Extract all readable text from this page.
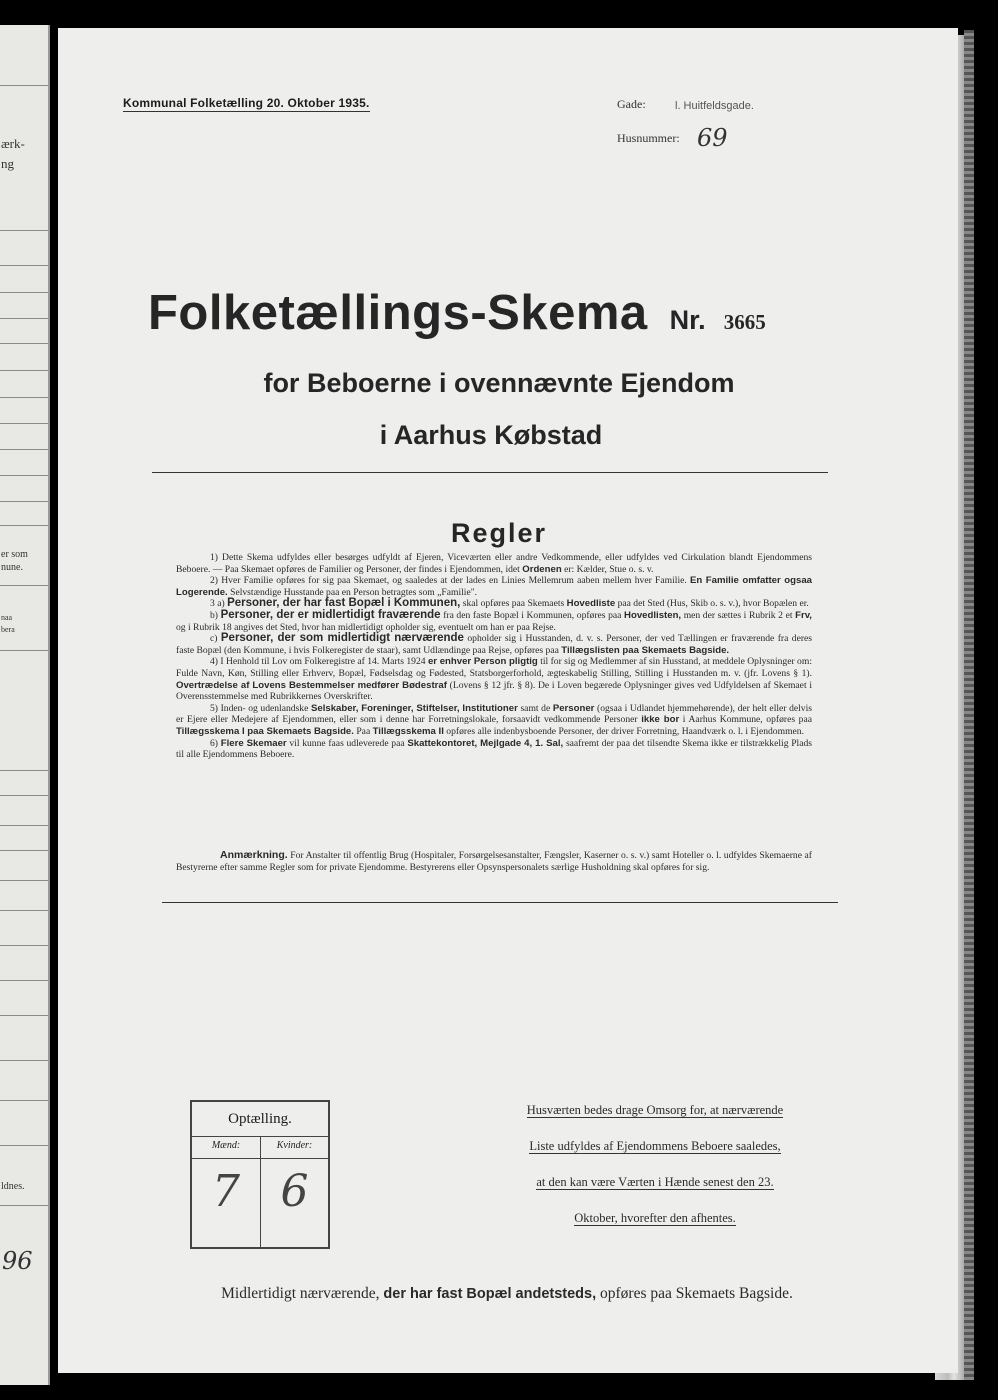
ærk-
ng
er som
nune.
naa
bera
ldnes.
96
Kommunal Folketælling 20. Oktober 1935.	Gade:	l. Huitfeldsgade.
Husnummer: 69
Folketællings-Skema Nr. 3665
for Beboerne i ovennævnte Ejendom
i Aarhus Købstad
Regler

1) Dette Skema udfyldes eller besørges udfyldt af Ejeren, Viceværten eller andre Vedkommende, eller udfyldes ved Cirkulation blandt Ejendommens Beboere. — Paa Skemaet opføres de Familier og Personer, der findes i Ejendommen, idet Ordenen er: Kælder, Stue o. s. v.

2) Hver Familie opføres for sig paa Skemaet, og saaledes at der lades en Linies Mellemrum aaben mellem hver Familie. En Familie omfatter ogsaa Logerende. Selvstændige Husstande paa en Person betragtes som „Familie".

3 a) Personer, der har fast Bopæl i Kommunen, skal opføres paa Skemaets Hovedliste paa det Sted (Hus, Skib o. s. v.), hvor Bopælen er.

b) Personer, der er midlertidigt fraværende fra den faste Bopæl i Kommunen, opføres paa Hovedlisten, men der sættes i Rubrik 2 et Frv, og i Rubrik 18 angives det Sted, hvor han midlertidigt opholder sig, eventuelt om han er paa Rejse.

c) Personer, der som midlertidigt nærværende opholder sig i Husstanden, d. v. s. Personer, der ved Tællingen er fraværende fra deres faste Bopæl (den Kommune, i hvis Folkeregister de staar), samt Udlændinge paa Rejse, opføres paa Tillægslisten paa Skemaets Bagside.

4) I Henhold til Lov om Folkeregistre af 14. Marts 1924 er enhver Person pligtig til for sig og Medlemmer af sin Husstand, at meddele Oplysninger om: Fulde Navn, Køn, Stilling eller Erhverv, Bopæl, Fødselsdag og Fødested, Statsborgerforhold, ægteskabelig Stilling, Stilling i Husstanden m. v. (jfr. Lovens § 1). Overtrædelse af Lovens Bestemmelser medfører Bødestraf (Lovens § 12 jfr. § 8). De i Loven begærede Oplysninger gives ved Udfyldelsen af Skemaet i Overensstemmelse med Rubrikkernes Overskrifter.

5) Inden- og udenlandske Selskaber, Foreninger, Stiftelser, Institutioner samt de Personer (ogsaa i Udlandet hjemmehørende), der helt eller delvis er Ejere eller Medejere af Ejendommen, eller som i denne har Forretningslokale, forsaavidt vedkommende Personer ikke bor i Aarhus Kommune, opføres paa Tillægsskema I paa Skemaets Bagside. Paa Tillægsskema II opføres alle indenbysboende Personer, der driver Forretning, Haandværk o. l. i Ejendommen.

6) Flere Skemaer vil kunne faas udleverede paa Skattekontoret, Mejlgade 4, 1. Sal, saafremt der paa det tilsendte Skema ikke er tilstrækkelig Plads til alle Ejendommens Beboere.

Anmærkning. For Anstalter til offentlig Brug (Hospitaler, Forsørgelsesanstalter, Fængsler, Kaserner o. s. v.) samt Hoteller o. l. udfyldes Skemaerne af Bestyrerne efter samme Regler som for private Ejendomme. Bestyrerens eller Opsynspersonalets særlige Husholdning skal opføres for sig.

Optælling.
Mænd:
7
Kvinder:
6
Husværten bedes drage Omsorg for, at nærværende
Liste udfyldes af Ejendommens Beboere saaledes,
at den kan være Værten i Hænde senest den 23.
Oktober, hvorefter den afhentes.
Midlertidigt nærværende, der har fast Bopæl andetsteds, opføres paa Skemaets Bagside.
